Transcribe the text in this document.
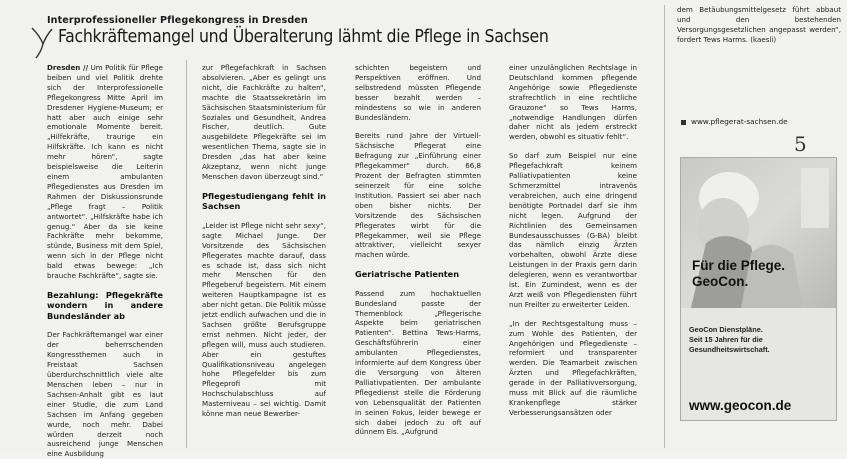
Interprofessioneller Pflegekongress in Dresden
Fachkräftemangel und Überalterung lähmt die Pflege in Sachsen

Dresden // Um Politik für Pflege beiben und viel Politik drehte sich der Interprofessionelle Pflegekongress Mitte April im Dresdener Hygiene-Museum; er hatt aber auch einige sehr emotionale Momente bereit. „Hilfekräfte, traurige ein Hilfskräfte. Ich kann es nicht mehr hören“, sagte beispielsweise die Leiterin einem ambulanten Pflegedienstes aus Dresden im Rahmen der Diskussionsrunde „Pflege fragt – Politik antwortet“. „Hilfskräfte habe ich genug.“ Aber da sie keine Fachkräfte mehr bekomme, stünde, Business mit dem Spiel, wenn sich in der Pflege nicht bald etwas bewege: „Ich brauche Fachkräfte“, sagte sie.

Bezahlung: Pflegekräfte wondern in andere Bundesländer ab

Der Fachkräftemangel war einer der beherrschenden Kongressthemen auch in Freistaat Sachsen überdurchschnittlich viele alte Menschen leben – nur in Sachsen-Anhalt gibt es laut einer Studie, die zum Land Sachsen im Anfang gegeben wurde, noch mehr. Dabei würden derzeit noch ausreichend junge Menschen eine Ausbildung

zur Pflegefachkraft in Sachsen absolvieren. „Aber es gelingt uns nicht, die Fachkräfte zu halten“, machte die Staatssekretärin im Sächsischen Staatsministerium für Soziales und Gesundheit, Andrea Fischer, deutlich. Gute ausgebildete Pflegekräfte sei im wesentlichen Thema, sagte sie in Dresden „das hat aber keine Akzeptanz, wenn nicht junge Menschen davon überzeugt sind.“

Pflegestudiengang fehlt in Sachsen

„Leider ist Pflege nicht sehr sexy“, sagte Michael Junge. Der Vorsitzende des Sächsischen Pflegerates machte darauf, dass es schade ist, dass sich nicht mehr Menschen für den Pflegeberuf begeistern. Mit einem weiteren Hauptkampagne ist es aber nicht getan. Die Politik müsse jetzt endlich aufwachen und die in Sachsen größte Berufsgruppe ernst nehmen. Nicht jeder, der pflegen will, muss auch studieren. Aber ein gestuftes Qualifikationsniveau angelegen hohe Pflegefelder bis zum Pflegeprofi mit Hochschulabschluss auf Masterniveau – sei wichtig. Damit könne man neue Bewerber-

schichten begeistern und Perspektiven eröffnen. Und selbstredend müssten Pflegende besser bezahlt werden – mindestens so wie in anderen Bundesländern.

Bereits rund Jahre der Virtuell-Sächsische Pflegerat eine Befragung zur „Einführung einer Pflegekammer“ durch. 66,8 Prozent der Befragten stimmten seinerzeit für eine solche Institution. Passiert sei aber nach oben bisher nichts. Der Vorsitzende des Sächsischen Pflegerates wirbt für die Pflegekammer, weil sie Pflege attraktiver, vielleicht sexyer machen würde.

Geriatrische Patienten

Passend zum hochaktuellen Bundesland passte der Themenblock „Pflegerische Aspekte beim geriatrischen Patienten“. Bettina Tews-Harms, Geschäftsführerin einer ambulanten Pflegedienstes, informierte auf dem Kongress über die Versorgung von älteren Palliativpatienten. Der ambulante Pflegedienst stelle die Förderung von Lebensqualität der Patienten in seinen Fokus, leider bewege er sich dabei jedoch zu oft auf dünnem Eis. „Aufgrund

einer unzulänglichen Rechtslage in Deutschland kommen pflegende Angehörige sowie Pflegedienste strafrechtlich in eine rechtliche Grauzone“ so Tews Harms, „notwendige Handlungen dürfen daher nicht als jedem erstreckt werden, obwohl es situativ fehlt“.

So darf zum Beispiel nur eine Pflegefachkraft keinem Palliativpatienten keine Schmerzmittel intravenös verabreichen, auch eine dringend benötigte Portnadel darf sie ihm nicht legen. Aufgrund der Richtlinien des Gemeinsamen Bundesausschusses (G-BA) bleibt das nämlich einzig Ärzten vorbehalten, obwohl Ärzte diese Leistungen in der Praxis gern darin delegieren, wenn es verantwortbar ist. Ein Zumindest, wenn es der Arzt weiß von Pflegediensten führt nun Freilter zu erweiterter Leiden.

„In der Rechtsgestaltung muss – zum Wohle des Patienten, der Angehörigen und Pflegedienste – reformiert und transparenter werden. Die Teamarbeit zwischen Ärzten und Pflegefachkräften, gerade in der Palliativversorgung, muss mit Blick auf die räumliche Krankenpflege stärker Verbesserungsansätzen oder

dem Betäubungsmittelgesetz führt abbaut und den bestehenden Versorgungsgesetzlichen angepasst werden“, fordert Tews Harms. (kaesli)

www.pflegerat-sachsen.de
5
Für die Pflege.
GeoCon.
GeoCon Dienstpläne.
Seit 15 Jahren für die
Gesundheitswirtschaft.
www.geocon.de
